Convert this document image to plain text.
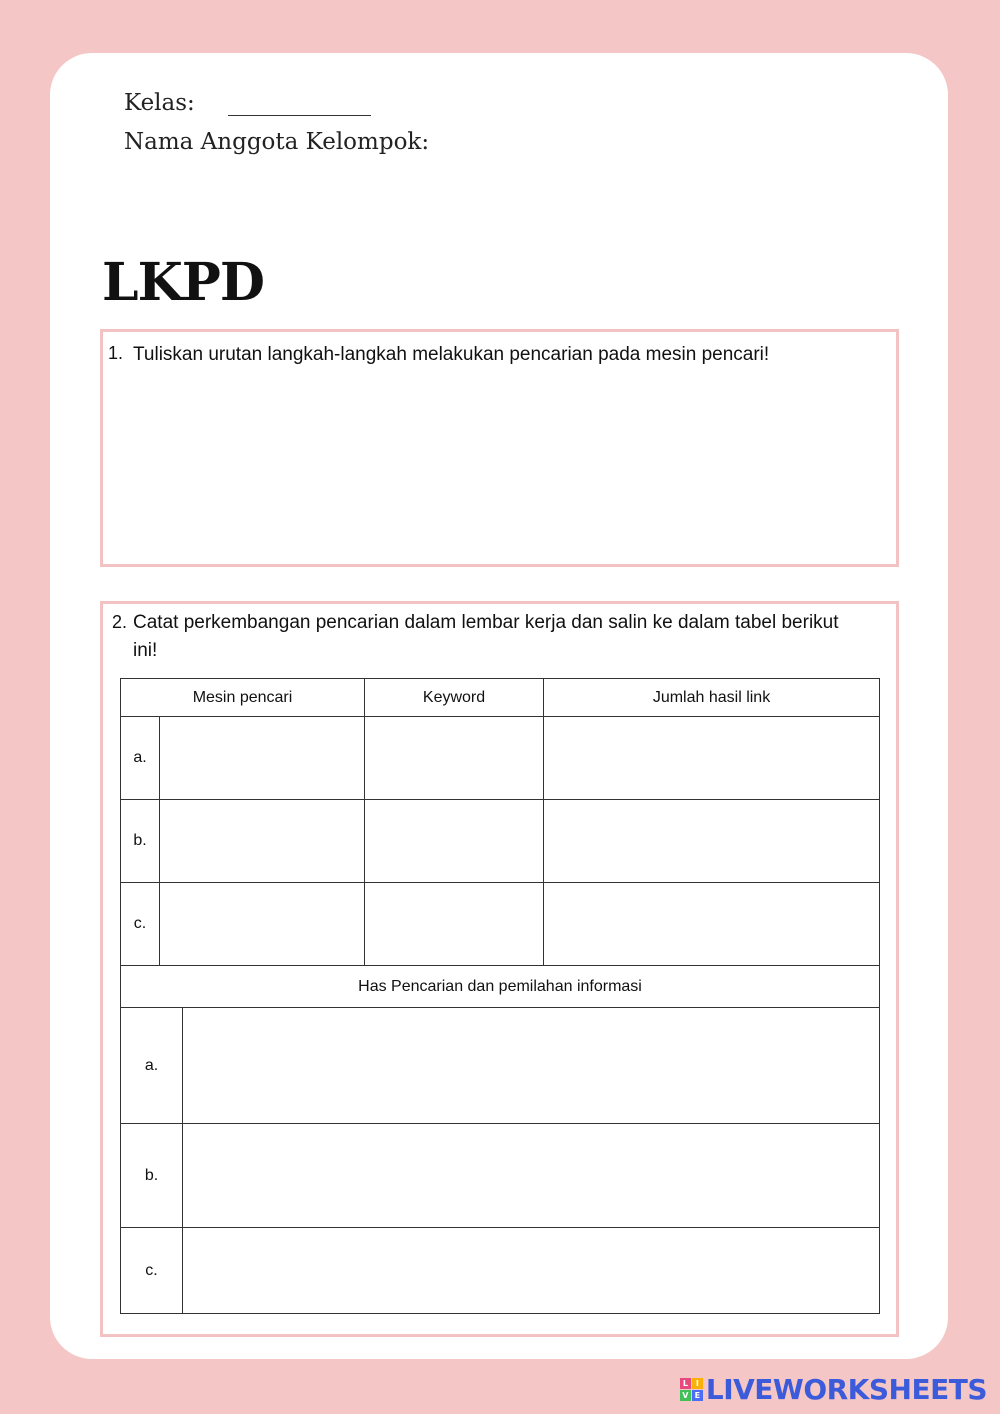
Kelas:
Nama Anggota Kelompok:
LKPD
1. Tuliskan urutan langkah-langkah melakukan pencarian pada mesin pencari!
2. Catat perkembangan pencarian dalam lembar kerja dan salin ke dalam tabel berikut ini!
Mesin pencari			Keyword	Jumlah hasil link
a.				
b.				
c.				
Has Pencarian dan pemilahan informasi				
a.				
b.				
c.				
L I
V E LIVEWORKSHEETS
